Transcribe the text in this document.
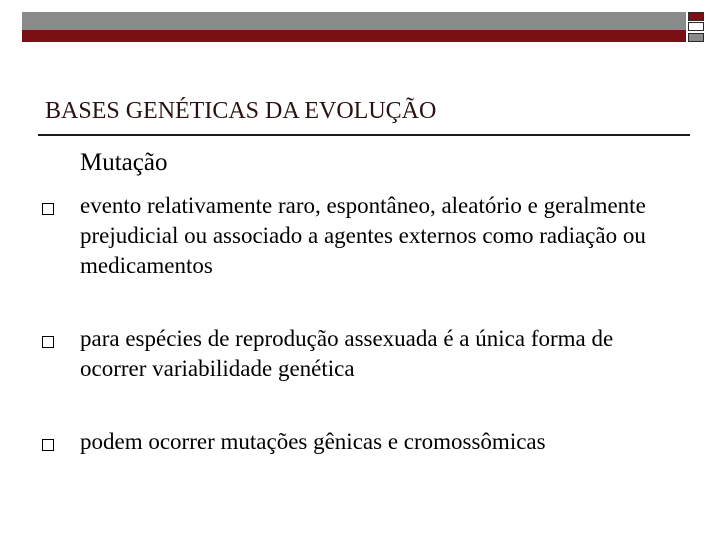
BASES GENÉTICAS DA EVOLUÇÃO
Mutação
evento relativamente raro, espontâneo, aleatório e geralmente prejudicial ou associado a agentes externos como radiação ou medicamentos
para espécies de reprodução assexuada é a única forma de ocorrer variabilidade genética
podem ocorrer mutações gênicas e cromossômicas
